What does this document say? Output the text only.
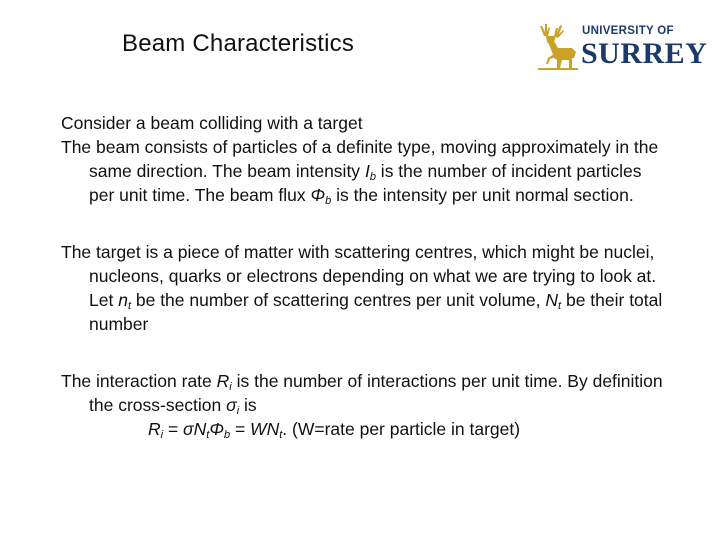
Beam Characteristics	UNIVERSITY OF
SURREY

Consider a beam colliding with a target

The beam consists of particles of a definite type, moving approximately in the same direction. The beam intensity $I_b$ is the number of incident particles per unit time. The beam flux $\Phi_b$ is the intensity per unit normal section.

The target is a piece of matter with scattering centres, which might be nuclei, nucleons, quarks or electrons depending on what we are trying to look at. Let $n_t$ be the number of scattering centres per unit volume, $N_t$ be their total number

The interaction rate $R_i$ is the number of interactions per unit time. By definition the cross-section $\sigma_i$ is

$R_i = \sigma N_t\Phi_b = WN_t$. (W=rate per particle in target)
